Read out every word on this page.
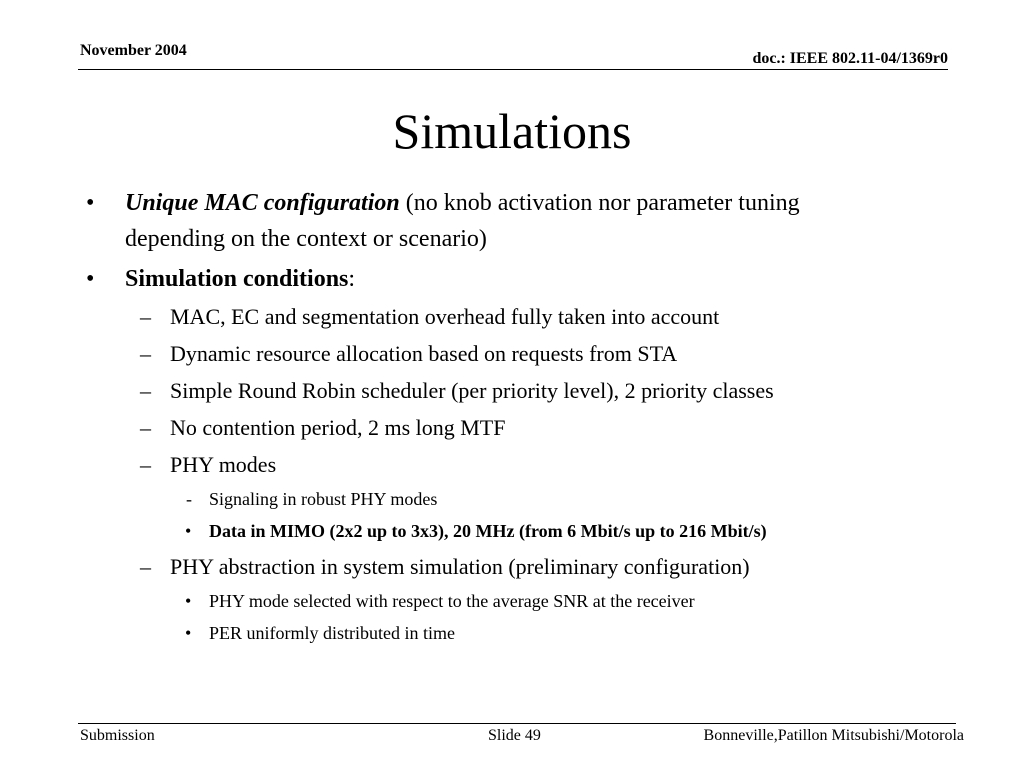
November 2004	doc.: IEEE 802.11-04/1369r0
Simulations
• Unique MAC configuration (no knob activation nor parameter tuning
depending on the context or scenario)
• Simulation conditions:
– MAC, EC and segmentation overhead fully taken into account
– Dynamic resource allocation based on requests from STA
– Simple Round Robin scheduler (per priority level), 2 priority classes
– No contention period, 2 ms long MTF
– PHY modes
- Signaling in robust PHY modes
• Data in MIMO (2x2 up to 3x3), 20 MHz (from 6 Mbit/s up to 216 Mbit/s)
– PHY abstraction in system simulation (preliminary configuration)
• PHY mode selected with respect to the average SNR at the receiver
• PER uniformly distributed in time
Submission	Slide 49	Bonneville,Patillon Mitsubishi/Motorola
